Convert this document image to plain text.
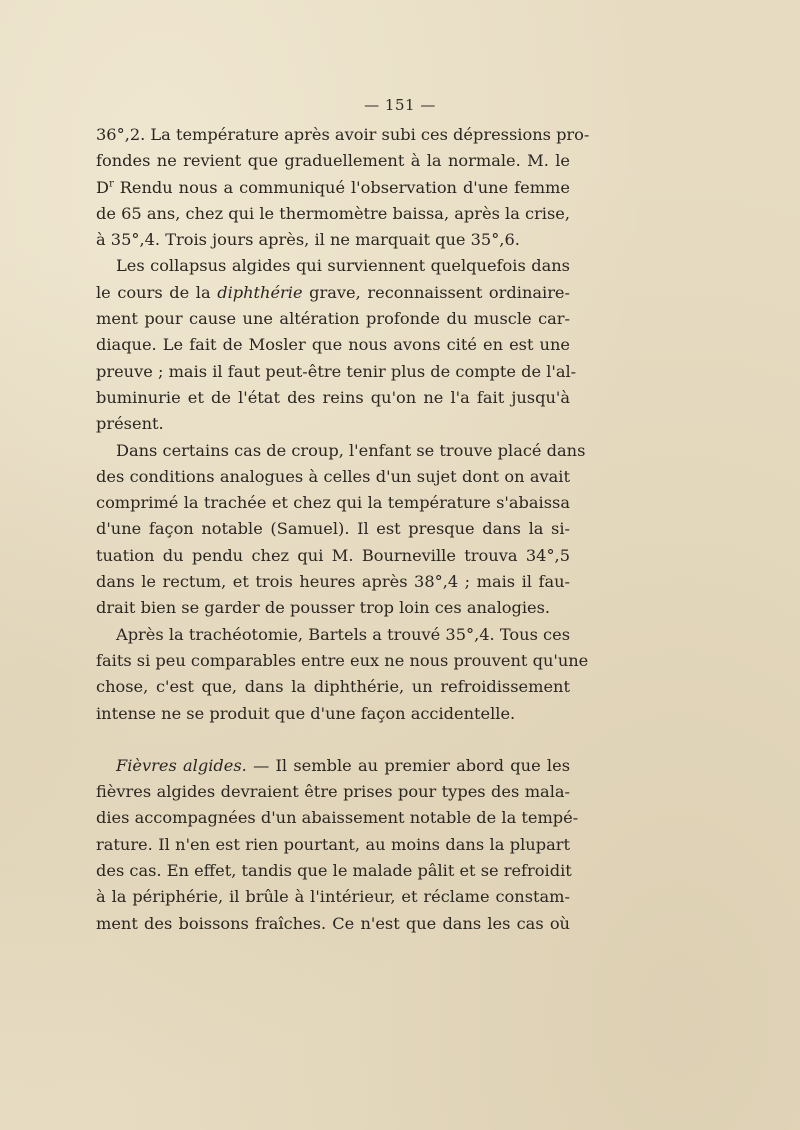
— 151 —
36°,2. La température après avoir subi ces dépressions pro-
fondes ne revient que graduellement à la normale. M. le
$D^r$ Rendu nous a communiqué l'observation d'une femme
de 65 ans, chez qui le thermomètre baissa, après la crise,
à 35°,4. Trois jours après, il ne marquait que 35°,6.
Les collapsus algides qui surviennent quelquefois dans
le cours de la diphthérie grave, reconnaissent ordinaire-
ment pour cause une altération profonde du muscle car-
diaque. Le fait de Mosler que nous avons cité en est une
preuve ; mais il faut peut-être tenir plus de compte de l'al-
buminurie et de l'état des reins qu'on ne l'a fait jusqu'à
présent.
Dans certains cas de croup, l'enfant se trouve placé dans
des conditions analogues à celles d'un sujet dont on avait
comprimé la trachée et chez qui la température s'abaissa
d'une façon notable (Samuel). Il est presque dans la si-
tuation du pendu chez qui M. Bourneville trouva 34°,5
dans le rectum, et trois heures après 38°,4 ; mais il fau-
drait bien se garder de pousser trop loin ces analogies.
Après la trachéotomie, Bartels a trouvé 35°,4. Tous ces
faits si peu comparables entre eux ne nous prouvent qu'une
chose, c'est que, dans la diphthérie, un refroidissement
intense ne se produit que d'une façon accidentelle.
Fièvres algides. — Il semble au premier abord que les
fièvres algides devraient être prises pour types des mala-
dies accompagnées d'un abaissement notable de la tempé-
rature. Il n'en est rien pourtant, au moins dans la plupart
des cas. En effet, tandis que le malade pâlit et se refroidit
à la périphérie, il brûle à l'intérieur, et réclame constam-
ment des boissons fraîches. Ce n'est que dans les cas où
